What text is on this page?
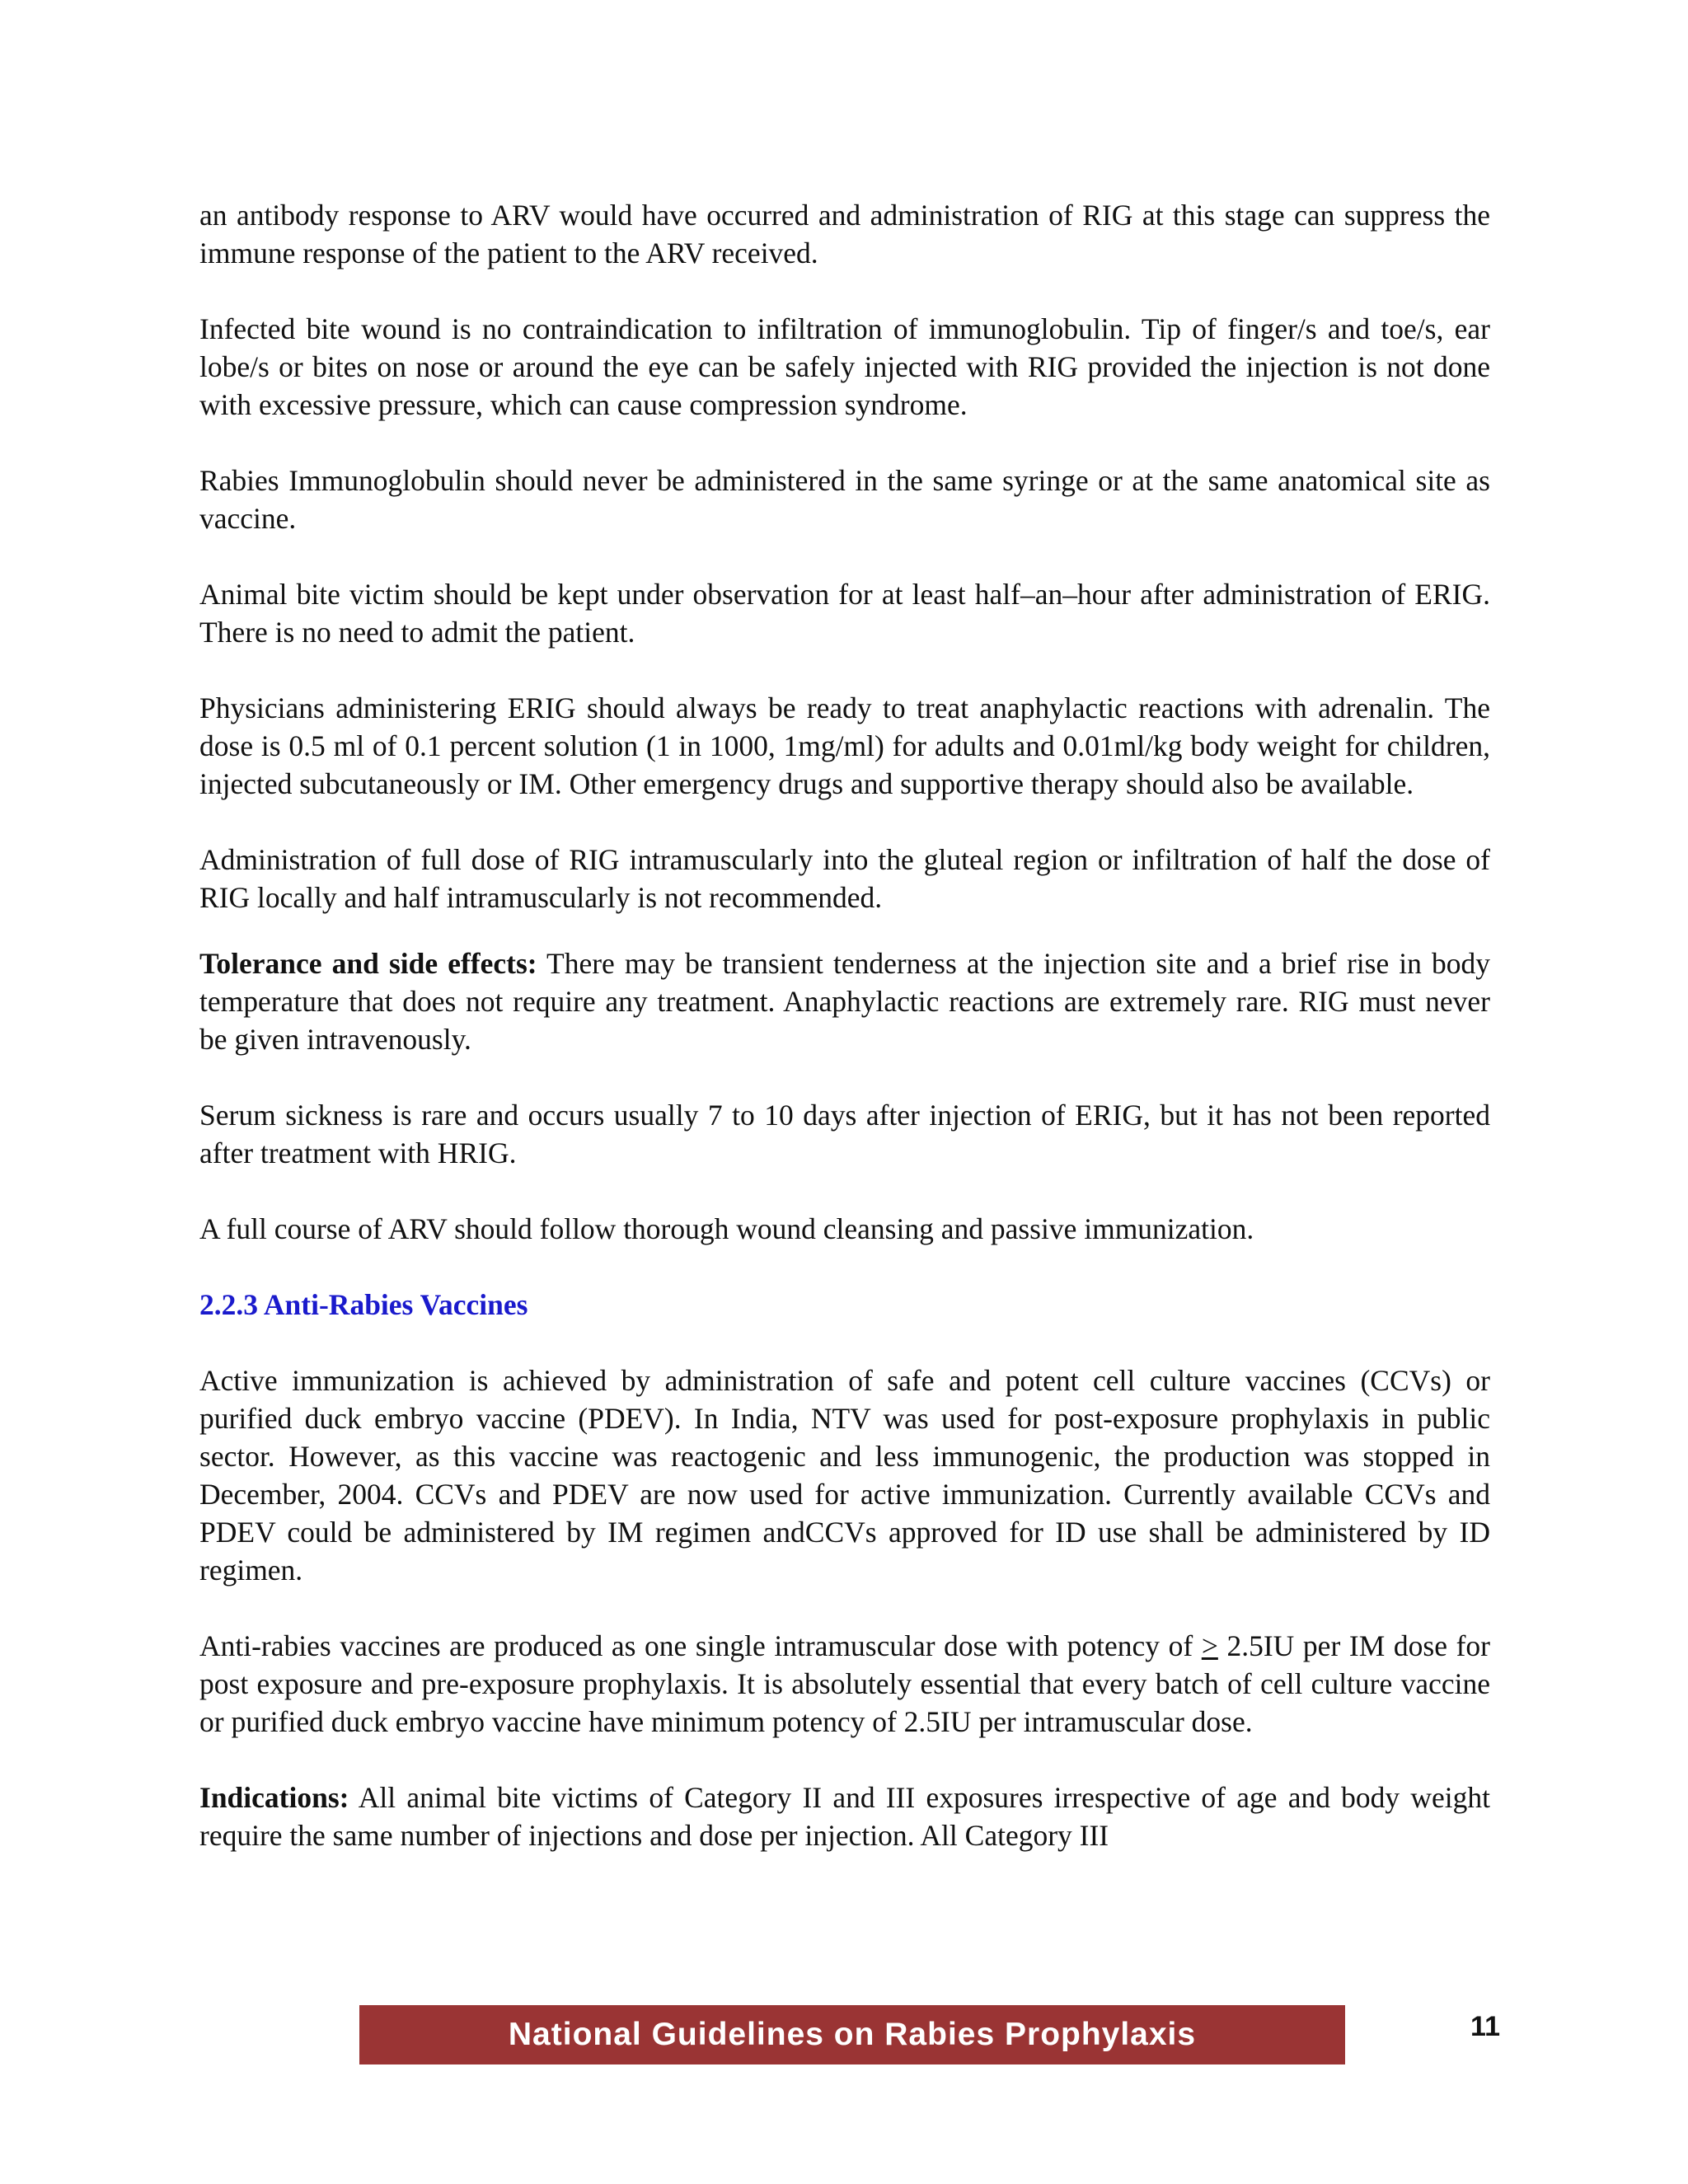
an antibody response to ARV would have occurred and administration of RIG at this stage can suppress the immune response of the patient to the ARV received.

Infected bite wound is no contraindication to infiltration of immunoglobulin. Tip of finger/s and toe/s, ear lobe/s or bites on nose or around the eye can be safely injected with RIG provided the injection is not done with excessive pressure, which can cause compression syndrome.

Rabies Immunoglobulin should never be administered in the same syringe or at the same anatomical site as vaccine.

Animal bite victim should be kept under observation for at least half–an–hour after administration of ERIG. There is no need to admit the patient.

Physicians administering ERIG should always be ready to treat anaphylactic reactions with adrenalin. The dose is 0.5 ml of 0.1 percent solution (1 in 1000, 1mg/ml) for adults and 0.01ml/kg body weight for children, injected subcutaneously or IM. Other emergency drugs and supportive therapy should also be available.

Administration of full dose of RIG intramuscularly into the gluteal region or infiltration of half the dose of RIG locally and half intramuscularly is not recommended.

Tolerance and side effects: There may be transient tenderness at the injection site and a brief rise in body temperature that does not require any treatment. Anaphylactic reactions are extremely rare. RIG must never be given intravenously.

Serum sickness is rare and occurs usually 7 to 10 days after injection of ERIG, but it has not been reported after treatment with HRIG.

A full course of ARV should follow thorough wound cleansing and passive immunization.

2.2.3 Anti-Rabies Vaccines

Active immunization is achieved by administration of safe and potent cell culture vaccines (CCVs) or purified duck embryo vaccine (PDEV). In India, NTV was used for post-exposure prophylaxis in public sector. However, as this vaccine was reactogenic and less immunogenic, the production was stopped in December, 2004. CCVs and PDEV are now used for active immunization. Currently available CCVs and PDEV could be administered by IM regimen andCCVs approved for ID use shall be administered by ID regimen.

Anti-rabies vaccines are produced as one single intramuscular dose with potency of ≥ 2.5IU per IM dose for post exposure and pre-exposure prophylaxis. It is absolutely essential that every batch of cell culture vaccine or purified duck embryo vaccine have minimum potency of 2.5IU per intramuscular dose.

Indications: All animal bite victims of Category II and III exposures irrespective of age and body weight require the same number of injections and dose per injection. All Category III

National Guidelines on Rabies Prophylaxis	11
